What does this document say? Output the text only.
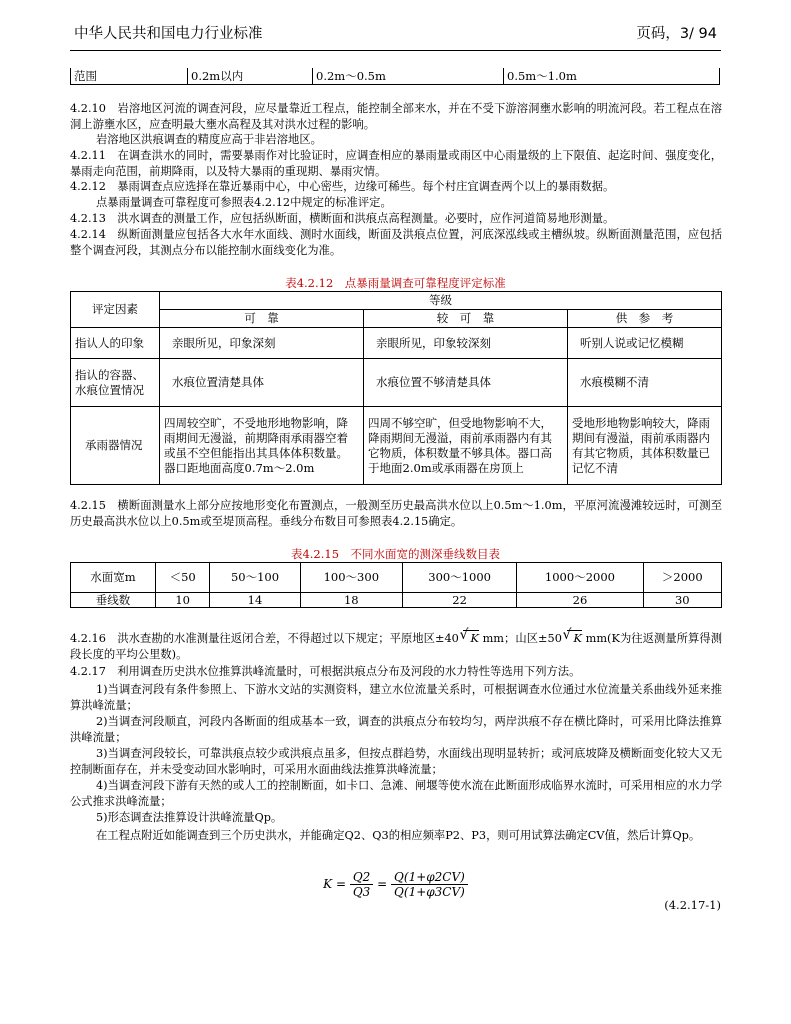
中华人民共和国电力行业标准	页码，3/ 94
范围	0.2m以内	0.2m～0.5m	0.5m～1.0m
4.2.10　岩溶地区河流的调查河段，应尽量靠近工程点，能控制全部来水，并在不受下游溶洞壅水影响的明流河段。若工程点在溶洞上游壅水区，应查明最大壅水高程及其对洪水过程的影响。
岩溶地区洪痕调查的精度应高于非岩溶地区。
4.2.11　在调查洪水的同时，需要暴雨作对比验证时，应调查相应的暴雨量或雨区中心雨量级的上下限值、起迄时间、强度变化，暴雨走向范围，前期降雨，以及特大暴雨的重现期、暴雨灾情。
4.2.12　暴雨调查点应选择在靠近暴雨中心，中心密些，边缘可稀些。每个村庄宜调查两个以上的暴雨数据。
点暴雨量调查可靠程度可参照表4.2.12中规定的标准评定。
4.2.13　洪水调查的测量工作，应包括纵断面，横断面和洪痕点高程测量。必要时，应作河道简易地形测量。
4.2.14　纵断面测量应包括各大水年水面线、测时水面线，断面及洪痕点位置，河底深泓线或主槽纵坡。纵断面测量范围，应包括整个调查河段，其测点分布以能控制水面线变化为准。
表4.2.12　点暴雨量调查可靠程度评定标准
评定因素	等级		
	可　靠	较　可　靠	供　参　考
指认人的印象	亲眼所见，印象深刻	亲眼所见，印象较深刻	听别人说或记忆模糊
指认的容器、水痕位置情况	水痕位置清楚具体	水痕位置不够清楚具体	水痕模糊不清
承雨器情况	四周较空旷，不受地形地物影响，降雨期间无漫溢，前期降雨承雨器空着或虽不空但能指出其具体体积数量。器口距地面高度0.7m～2.0m	四周不够空旷，但受地物影响不大，降雨期间无漫溢，雨前承雨器内有其它物质，体积数量不够具体。器口高于地面2.0m或承雨器在房顶上	受地形地物影响较大，降雨期间有漫溢，雨前承雨器内有其它物质，其体积数量已记忆不清
4.2.15　横断面测量水上部分应按地形变化布置测点，一般测至历史最高洪水位以上0.5m～1.0m，平原河流漫滩较远时，可测至历史最高洪水位以上0.5m或至堤顶高程。垂线分布数目可参照表4.2.15确定。
表4.2.15　不同水面宽的测深垂线数目表
水面宽m	＜50	50～100	100～300	300～1000	1000～2000	＞2000
垂线数	10	14	18	22	26	30
4.2.16　洪水查勘的水准测量往返闭合差，不得超过以下规定；平原地区±40 √ K mm；山区±50 √ K mm(K为往返测量所算得测段长度的平均公里数)。
4.2.17　利用调查历史洪水位推算洪峰流量时，可根据洪痕点分布及河段的水力特性等选用下列方法。
1)当调查河段有条件参照上、下游水文站的实测资料，建立水位流量关系时，可根据调查水位通过水位流量关系曲线外延来推算洪峰流量；
2)当调查河段顺直，河段内各断面的组成基本一致，调查的洪痕点分布较均匀，两岸洪痕不存在横比降时，可采用比降法推算洪峰流量；
3)当调查河段较长，可靠洪痕点较少或洪痕点虽多，但按点群趋势，水面线出现明显转折；或河底坡降及横断面变化较大又无控制断面存在，并未受变动回水影响时，可采用水面曲线法推算洪峰流量；
4)当调查河段下游有天然的或人工的控制断面，如卡口、急滩、闸堰等使水流在此断面形成临界水流时，可采用相应的水力学公式推求洪峰流量；
5)形态调查法推算设计洪峰流量Qp。
在工程点附近如能调查到三个历史洪水，并能确定Q2、Q3的相应频率P2、P3，则可用试算法确定CV值，然后计算Qp。
$K = \frac{Q2}{Q3} = \frac{Q(1+\varphi 2CV)}{Q(1+\varphi 3CV)}$
(4.2.17-1)
